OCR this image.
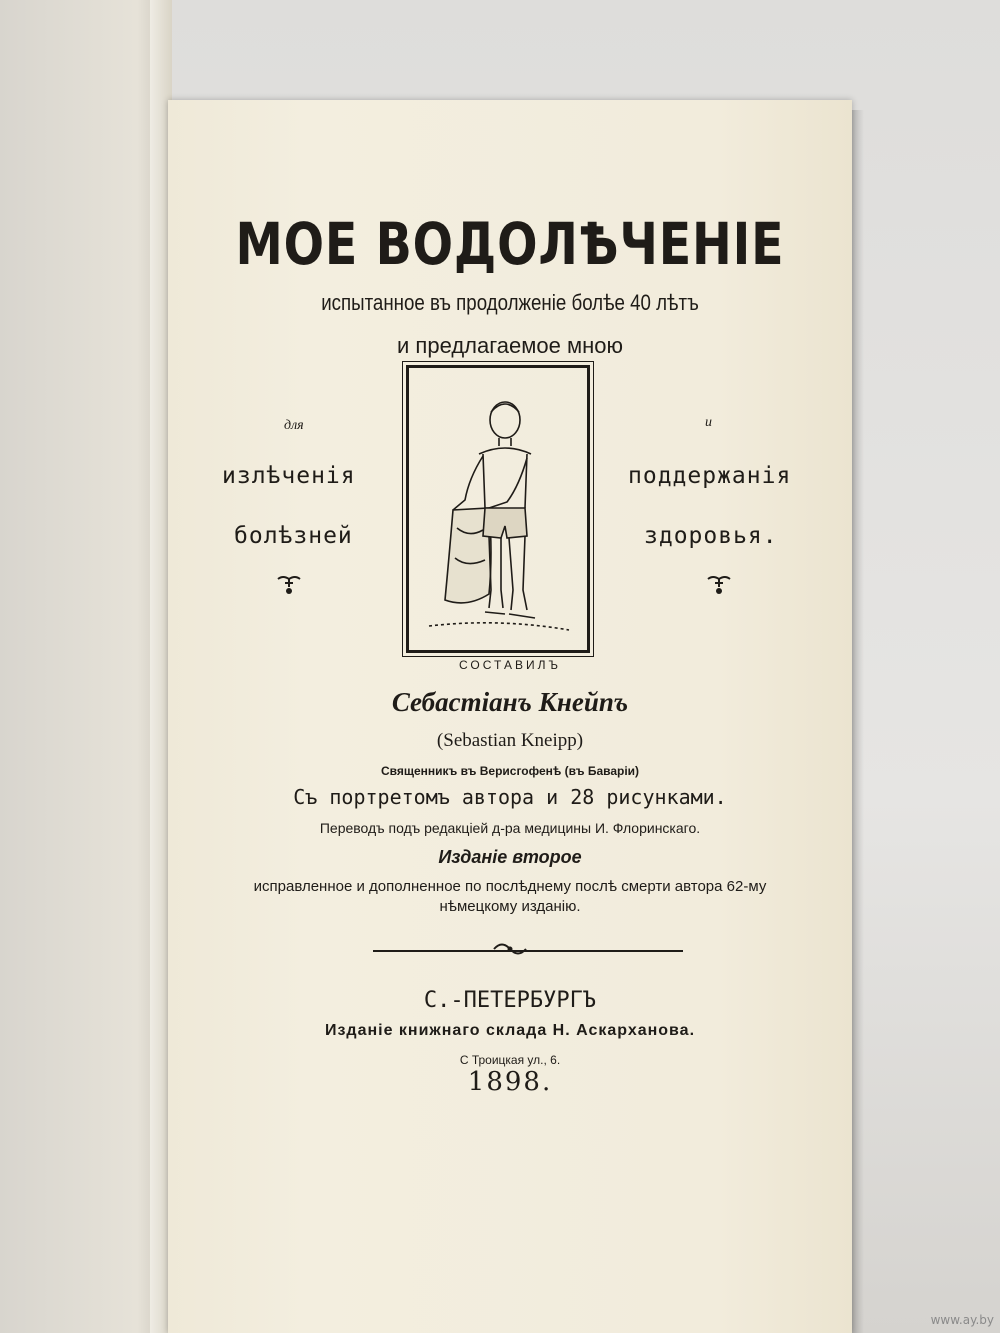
МОЕ ВОДОЛѢЧЕНІЕ
испытанное въ продолженіе болѣе 40 лѣтъ
и предлагаемое мною
для
излѣченія
болѣзней
и
поддержанія
здоровья.
СОСТАВИЛЪ
Себастіанъ Кнейпъ
(Sebastian Kneipp)
Священникъ въ Верисгофенѣ (въ Баваріи)
Съ портретомъ автора и 28 рисунками.
Переводъ подъ редакціей д-ра медицины И. Флоринскаго.
Изданіе второе
исправленное и дополненное по послѣднему послѣ смерти автора 62-му
нѣмецкому изданію.
С.-ПЕТЕРБУРГЪ
Изданіе книжнаго склада Н. Аскарханова.
С Троицкая ул., 6.
1898.
www.ay.by
